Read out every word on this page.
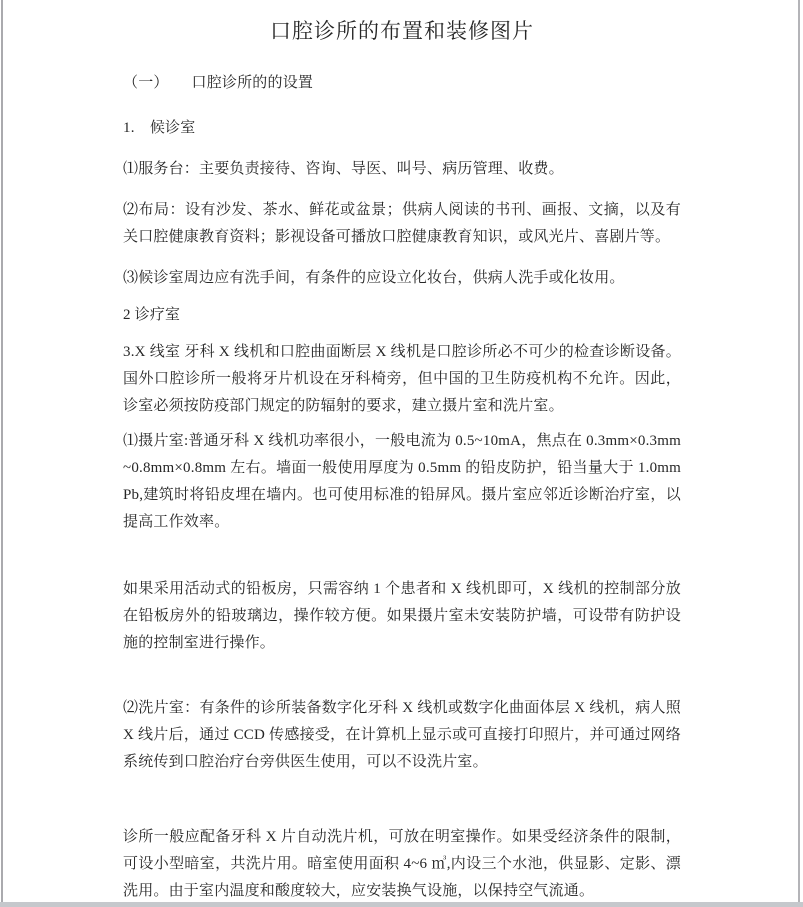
口腔诊所的布置和装修图片

（一）　　口腔诊所的的设置

1.　候诊室

⑴服务台：主要负责接待、咨询、导医、叫号、病历管理、收费。

⑵布局：设有沙发、茶水、鲜花或盆景；供病人阅读的书刊、画报、文摘，以及有关口腔健康教育资料；影视设备可播放口腔健康教育知识，或风光片、喜剧片等。

⑶候诊室周边应有洗手间，有条件的应设立化妆台，供病人洗手或化妆用。

2 诊疗室

3.X 线室 牙科 X 线机和口腔曲面断层 X 线机是口腔诊所必不可少的检查诊断设备。国外口腔诊所一般将牙片机设在牙科椅旁，但中国的卫生防疫机构不允许。因此，诊室必须按防疫部门规定的防辐射的要求，建立摄片室和洗片室。

⑴摄片室:普通牙科 X 线机功率很小，一般电流为 0.5~10mA，焦点在 0.3mm×0.3mm~0.8mm×0.8mm 左右。墙面一般使用厚度为 0.5mm 的铅皮防护，铅当量大于 1.0mmPb,建筑时将铅皮埋在墙内。也可使用标准的铅屏风。摄片室应邻近诊断治疗室，以提高工作效率。

如果采用活动式的铅板房，只需容纳 1 个患者和 X 线机即可，X 线机的控制部分放在铅板房外的铅玻璃边，操作较方便。如果摄片室未安装防护墙，可设带有防护设施的控制室进行操作。

⑵洗片室：有条件的诊所装备数字化牙科 X 线机或数字化曲面体层 X 线机，病人照 X 线片后，通过 CCD 传感接受，在计算机上显示或可直接打印照片，并可通过网络系统传到口腔治疗台旁供医生使用，可以不设洗片室。

诊所一般应配备牙科 X 片自动洗片机，可放在明室操作。如果受经济条件的限制，可设小型暗室，共洗片用。暗室使用面积 4~6 ㎥,内设三个水池，供显影、定影、漂洗用。由于室内温度和酸度较大，应安装换气设施，以保持空气流通。
